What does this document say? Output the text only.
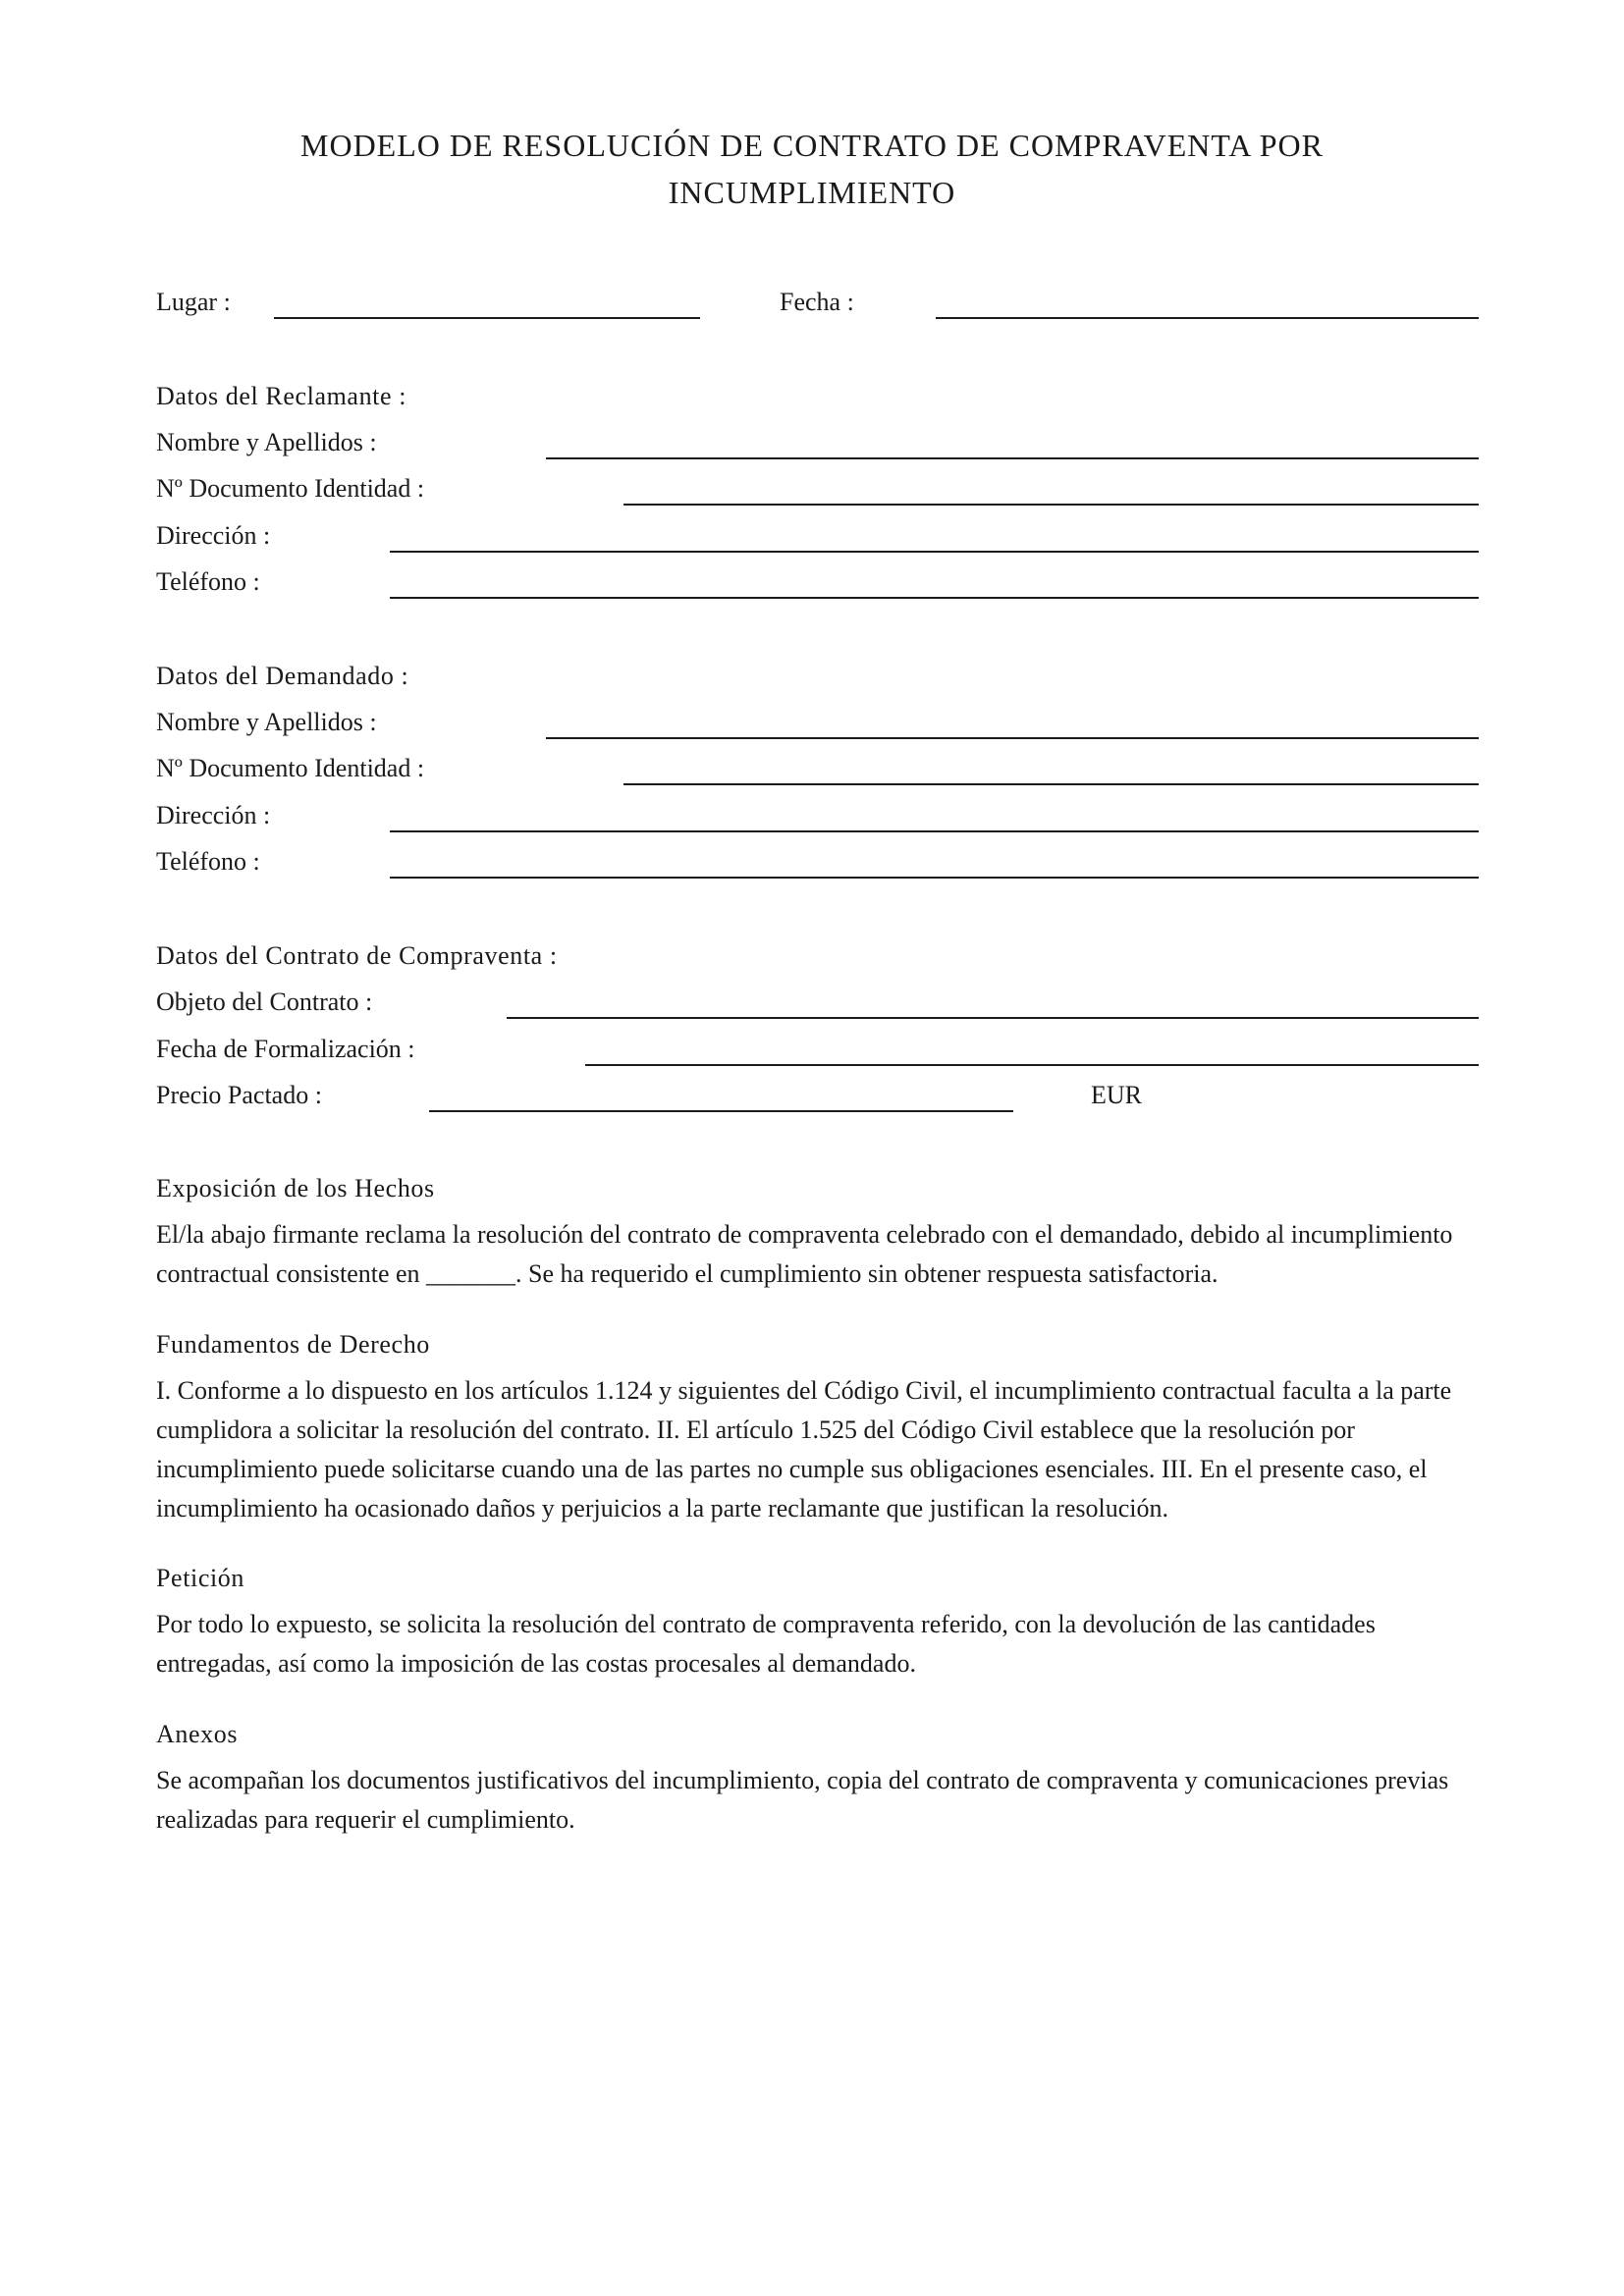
MODELO DE RESOLUCIÓN DE CONTRATO DE COMPRAVENTA POR
INCUMPLIMIENTO
Lugar :	Fecha :
Datos del Reclamante :
Nombre y Apellidos :
Nº Documento Identidad :
Dirección :
Teléfono :
Datos del Demandado :
Nombre y Apellidos :
Nº Documento Identidad :
Dirección :
Teléfono :
Datos del Contrato de Compraventa :
Objeto del Contrato :
Fecha de Formalización :
Precio Pactado :	EUR
Exposición de los Hechos

El/la abajo firmante reclama la resolución del contrato de compraventa celebrado con el demandado, debido al incumplimiento contractual consistente en _______. Se ha requerido el cumplimiento sin obtener respuesta satisfactoria.

Fundamentos de Derecho

I. Conforme a lo dispuesto en los artículos 1.124 y siguientes del Código Civil, el incumplimiento contractual faculta a la parte cumplidora a solicitar la resolución del contrato. II. El artículo 1.525 del Código Civil establece que la resolución por incumplimiento puede solicitarse cuando una de las partes no cumple sus obligaciones esenciales. III. En el presente caso, el incumplimiento ha ocasionado daños y perjuicios a la parte reclamante que justifican la resolución.

Petición

Por todo lo expuesto, se solicita la resolución del contrato de compraventa referido, con la devolución de las cantidades entregadas, así como la imposición de las costas procesales al demandado.

Anexos

Se acompañan los documentos justificativos del incumplimiento, copia del contrato de compraventa y comunicaciones previas realizadas para requerir el cumplimiento.
